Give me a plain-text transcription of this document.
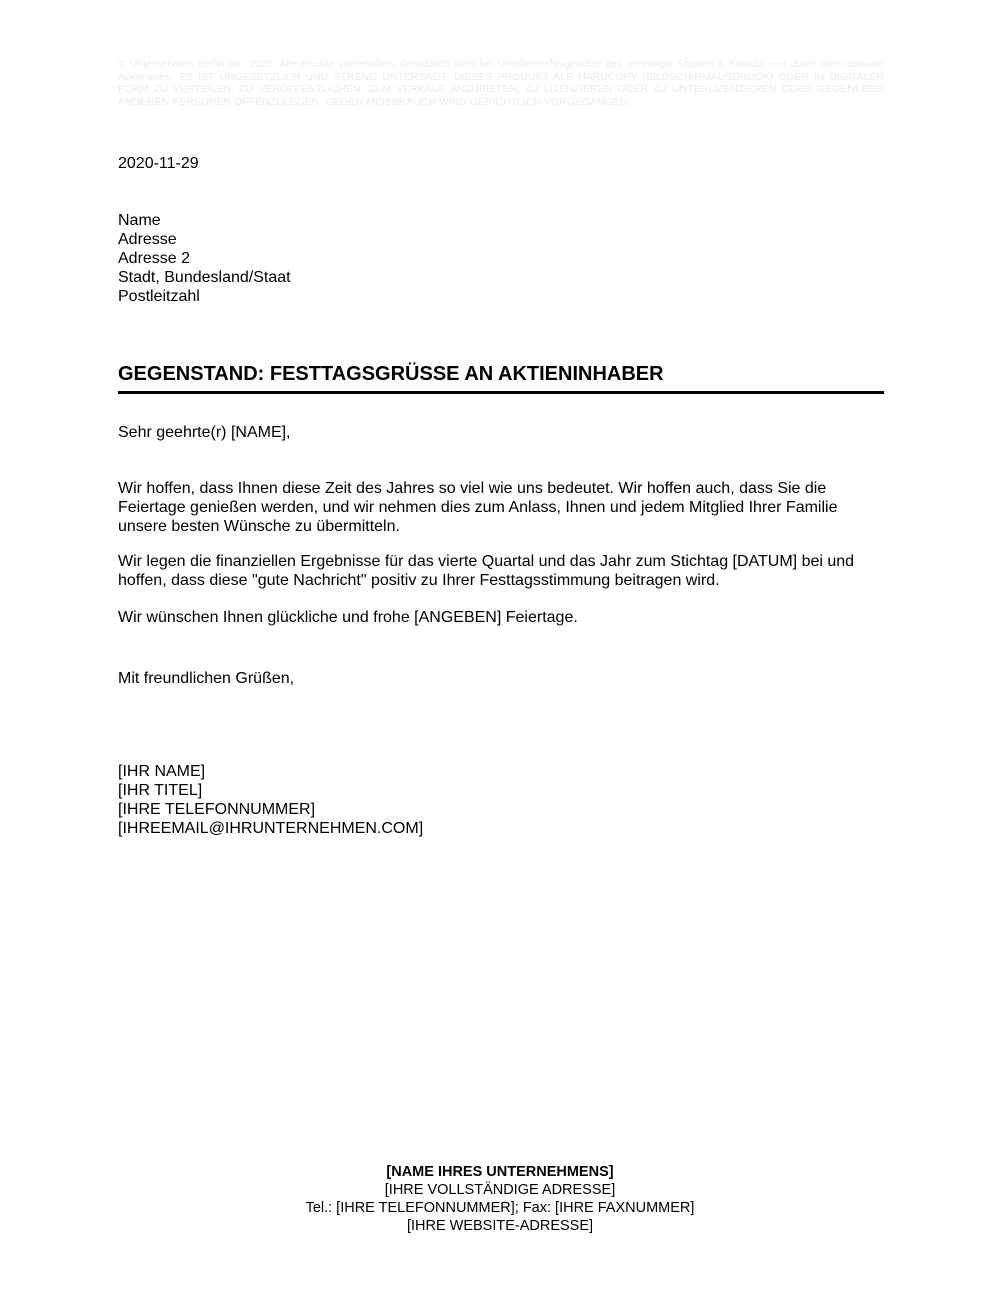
© Unternehmen Berlin Inc. 2020. Alle Rechte vorbehalten. Gesetzlich nicht bei Urheberrechtsgesetze des Vereinigte Staaten & Kanada und durch internationale Abkommen. ES IST UNGESETZLICH UND STRENG UNTERSAGT, DIESES PRODUKT ALS HARDCOPY (BILDSCHIRMAUSDRUCK) ODER IN DIGITALER FORM ZU VERTEILEN, ZU VERÖFFENTLICHEN, ZUM VERKAUF ANZUBIETEN, ZU LIZENZIEREN ODER ZU UNTERLIZENZIEREN ODER GEGENÜBER ANDEREN PERSONEN OFFENZULEGEN. GEGEN MISSBRAUCH WIRD GERICHTLICH VORGEGANGEN.
2020-11-29
Name
Adresse
Adresse 2
Stadt, Bundesland/Staat
Postleitzahl
GEGENSTAND: FESTTAGSGRÜSSE AN AKTIENINHABER
Sehr geehrte(r) [NAME],
Wir hoffen, dass Ihnen diese Zeit des Jahres so viel wie uns bedeutet. Wir hoffen auch, dass Sie die Feiertage genießen werden, und wir nehmen dies zum Anlass, Ihnen und jedem Mitglied Ihrer Familie unsere besten Wünsche zu übermitteln.
Wir legen die finanziellen Ergebnisse für das vierte Quartal und das Jahr zum Stichtag [DATUM] bei und hoffen, dass diese "gute Nachricht" positiv zu Ihrer Festtagsstimmung beitragen wird.
Wir wünschen Ihnen glückliche und frohe [ANGEBEN] Feiertage.
Mit freundlichen Grüßen,
[IHR NAME]
[IHR TITEL]
[IHRE TELEFONNUMMER]
[IHREEMAIL@IHRUNTERNEHMEN.COM]
[NAME IHRES UNTERNEHMENS]
[IHRE VOLLSTÄNDIGE ADRESSE]
Tel.: [IHRE TELEFONNUMMER]; Fax: [IHRE FAXNUMMER]
[IHRE WEBSITE-ADRESSE]
